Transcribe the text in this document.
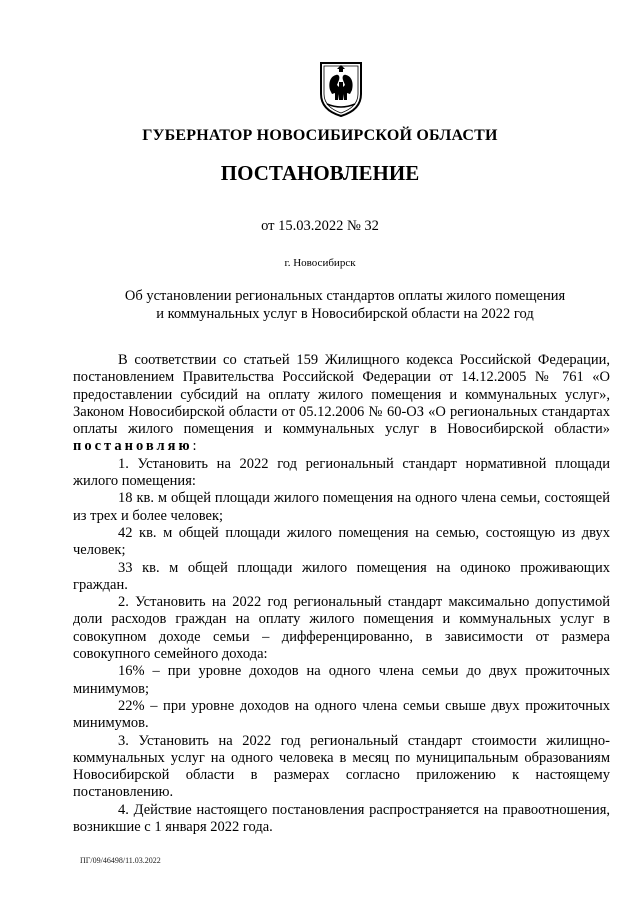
ГУБЕРНАТОР НОВОСИБИРСКОЙ ОБЛАСТИ
ПОСТАНОВЛЕНИЕ
от 15.03.2022 № 32
г. Новосибирск
Об установлении региональных стандартов оплаты жилого помещения
и коммунальных услуг в Новосибирской области на 2022 год

В соответствии со статьей 159 Жилищного кодекса Российской Федерации, постановлением Правительства Российской Федерации от 14.12.2005 № 761 «О предоставлении субсидий на оплату жилого помещения и коммунальных услуг», Законом Новосибирской области от 05.12.2006 № 60-ОЗ «О региональных стандартах оплаты жилого помещения и коммунальных услуг в Новосибирской области» постановляю:

1. Установить на 2022 год региональный стандарт нормативной площади жилого помещения:

18 кв. м общей площади жилого помещения на одного члена семьи, состоящей из трех и более человек;

42 кв. м общей площади жилого помещения на семью, состоящую из двух человек;

33 кв. м общей площади жилого помещения на одиноко проживающих граждан.

2. Установить на 2022 год региональный стандарт максимально допустимой доли расходов граждан на оплату жилого помещения и коммунальных услуг в совокупном доходе семьи – дифференцированно, в зависимости от размера совокупного семейного дохода:

16% – при уровне доходов на одного члена семьи до двух прожиточных минимумов;

22% – при уровне доходов на одного члена семьи свыше двух прожиточных минимумов.

3. Установить на 2022 год региональный стандарт стоимости жилищно-коммунальных услуг на одного человека в месяц по муниципальным образованиям Новосибирской области в размерах согласно приложению к настоящему постановлению.

4. Действие настоящего постановления распространяется на правоотношения, возникшие с 1 января 2022 года.

ПГ/09/46498/11.03.2022
